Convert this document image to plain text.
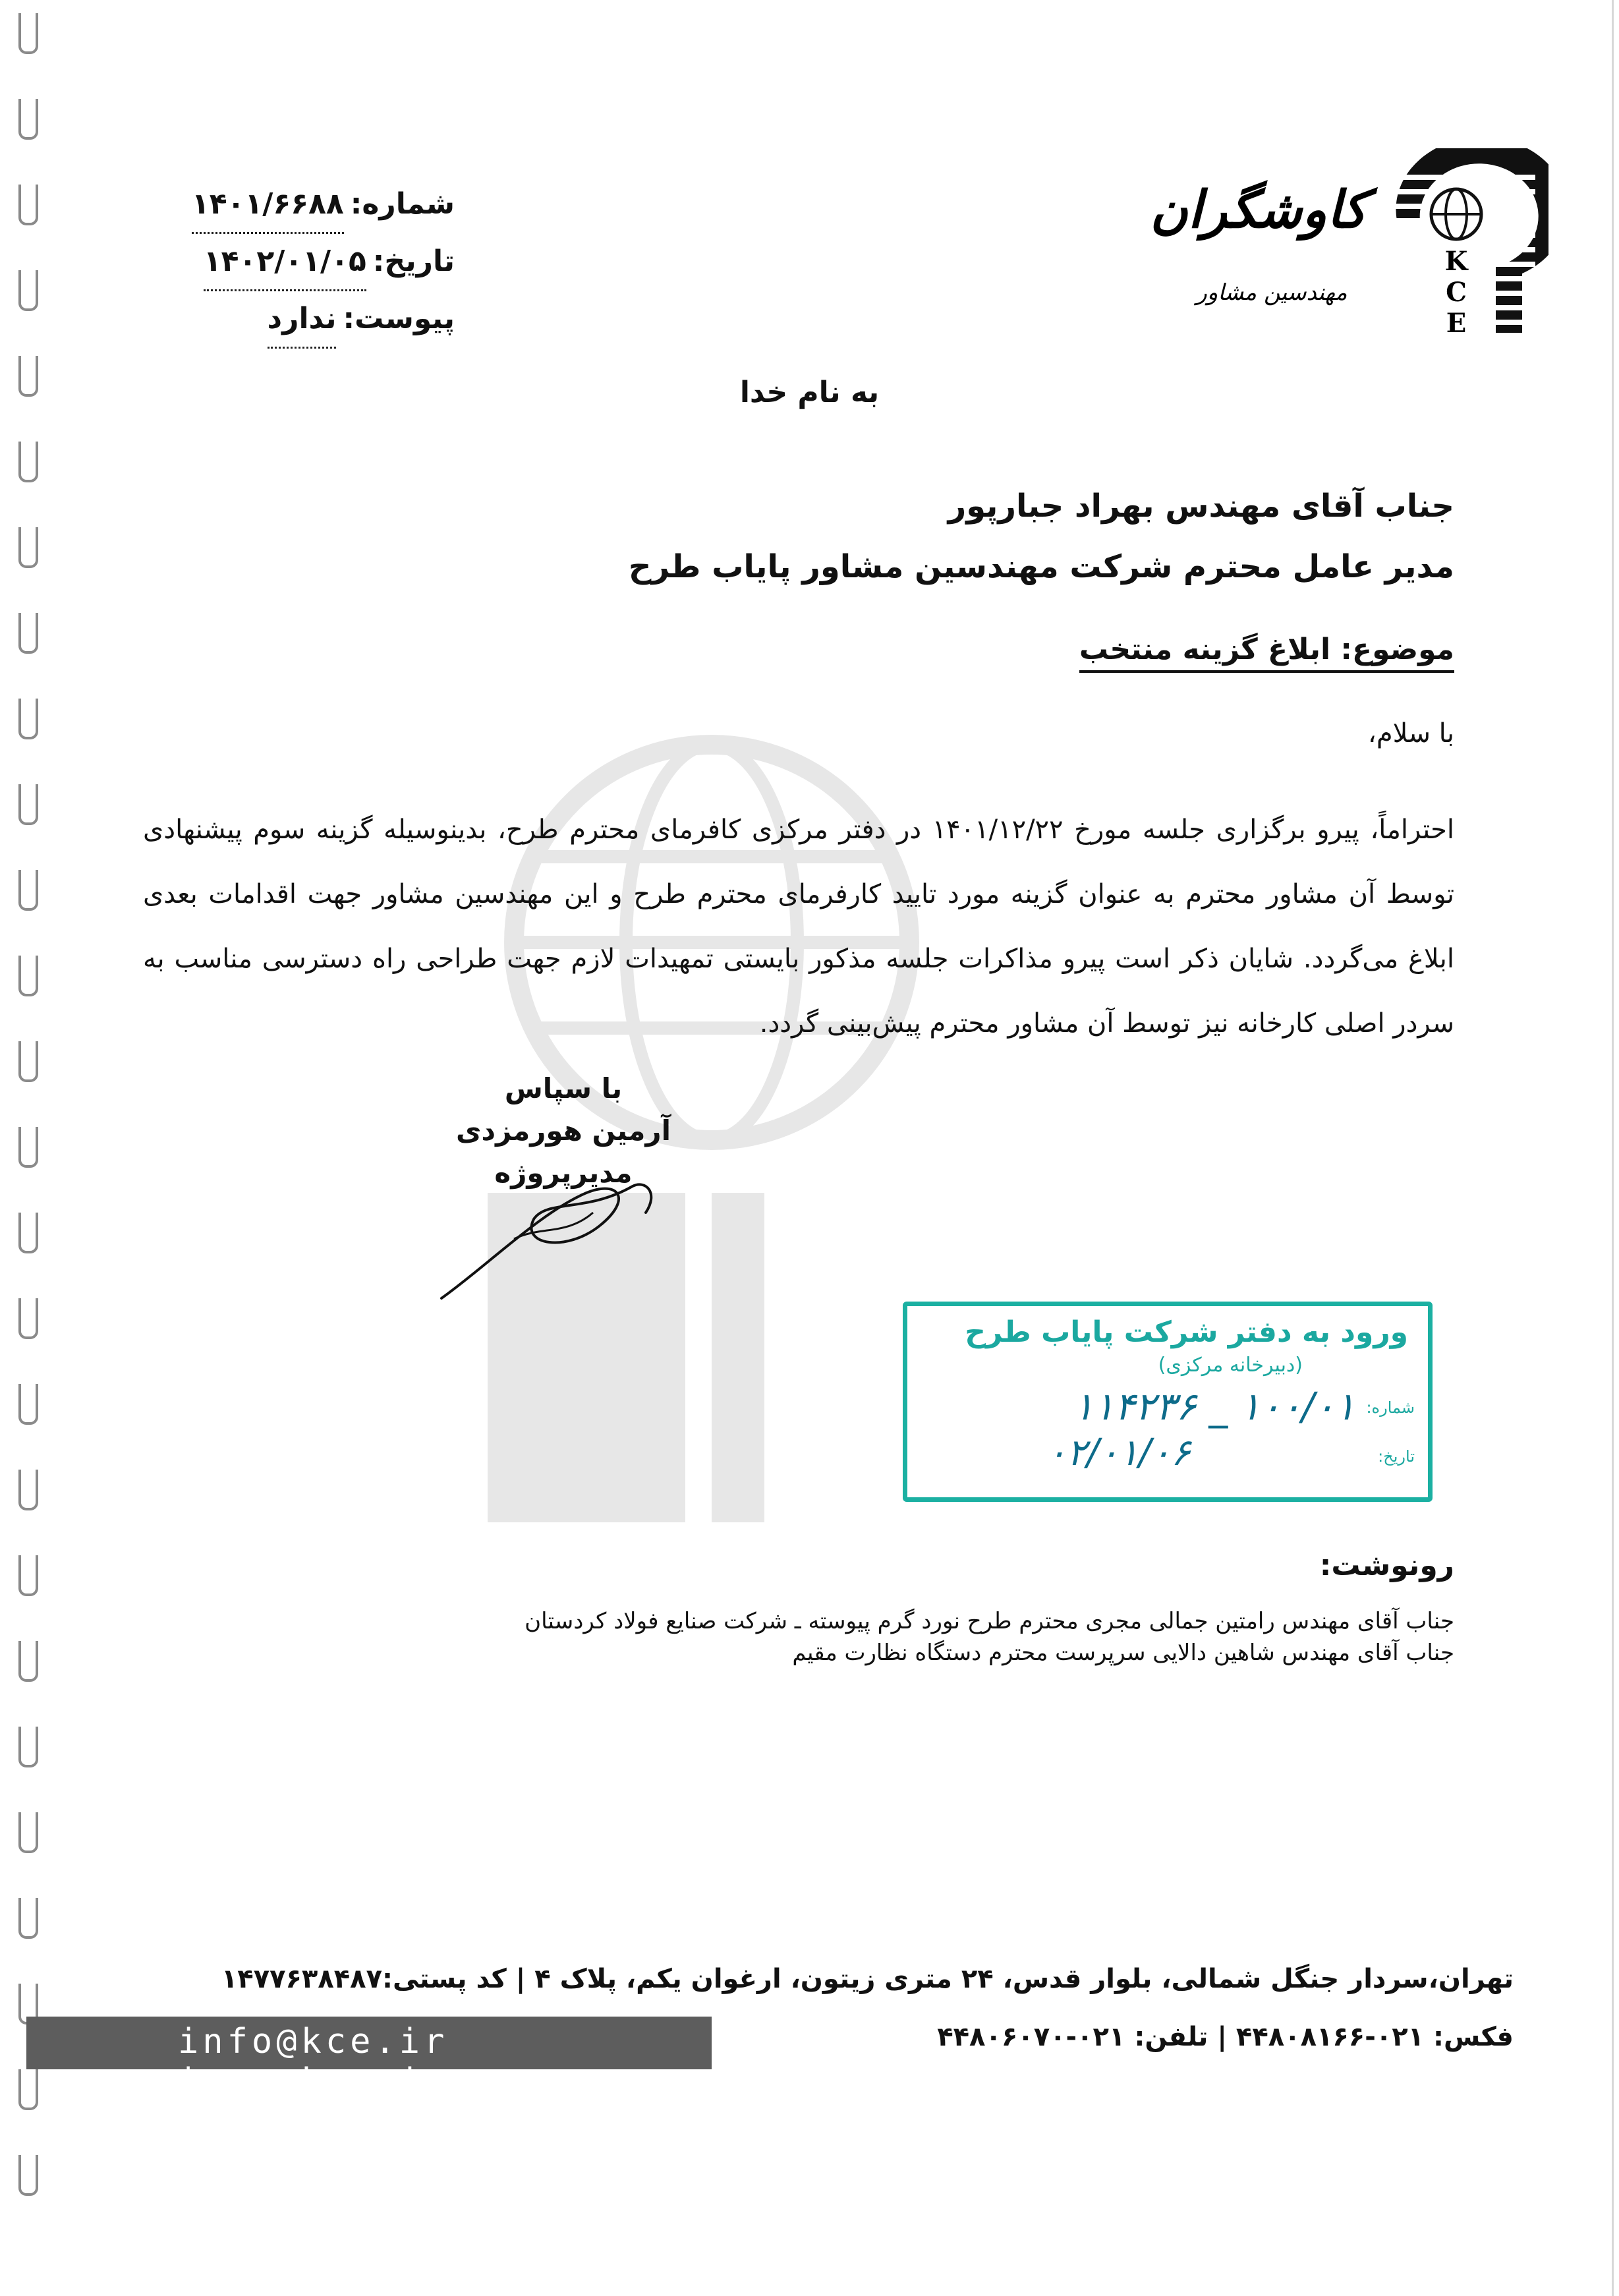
شماره:
۱۴۰۱/۶۶۸۸
تاریخ:
۱۴۰۲/۰۱/۰۵
پیوست:
ندارد
کاوشگران
مهندسین مشاور
K
C
E
به نام خدا
جناب آقای مهندس بهراد جبارپور
مدیر عامل محترم شرکت مهندسین مشاور پایاب طرح
موضوع: ابلاغ گزینه منتخب
با سلام،
احتراماً، پیرو برگزاری جلسه مورخ ۱۴۰۱/۱۲/۲۲ در دفتر مرکزی کافرمای محترم طرح، بدینوسیله گزینه سوم پیشنهادی توسط آن مشاور محترم به عنوان گزینه مورد تایید کارفرمای محترم طرح و این مهندسین مشاور جهت اقدامات بعدی ابلاغ می‌گردد. شایان ذکر است پیرو مذاکرات جلسه مذکور بایستی تمهیدات لازم جهت طراحی راه دسترسی مناسب به سردر اصلی کارخانه نیز توسط آن مشاور محترم پیش‌بینی گردد.
با سپاس
آرمین هورمزدی
مدیرپروژه
ورود به دفتر شرکت پایاب طرح
(دبیرخانه مرکزی)
شماره:
۱۰۰/۰۱ _ ۱۱۴۲۳۶
تاریخ:
۰۲/۰۱/۰۶
رونوشت:
جناب آقای مهندس رامتین جمالی مجری محترم طرح نورد گرم پیوسته ـ شرکت صنایع فولاد کردستان
جناب آقای مهندس شاهین دالایی سرپرست محترم دستگاه نظارت مقیم
تهران،سردار جنگل شمالی، بلوار قدس، ۲۴ متری زیتون، ارغوان یکم، پلاک ۴ | کد پستی:۱۴۷۷۶۳۸۴۸۷
info@kce.ir |www.kce.ir
فکس: ۰۲۱-۴۴۸۰۸۱۶۶ | تلفن: ۰۲۱-۴۴۸۰۶۰۷۰
